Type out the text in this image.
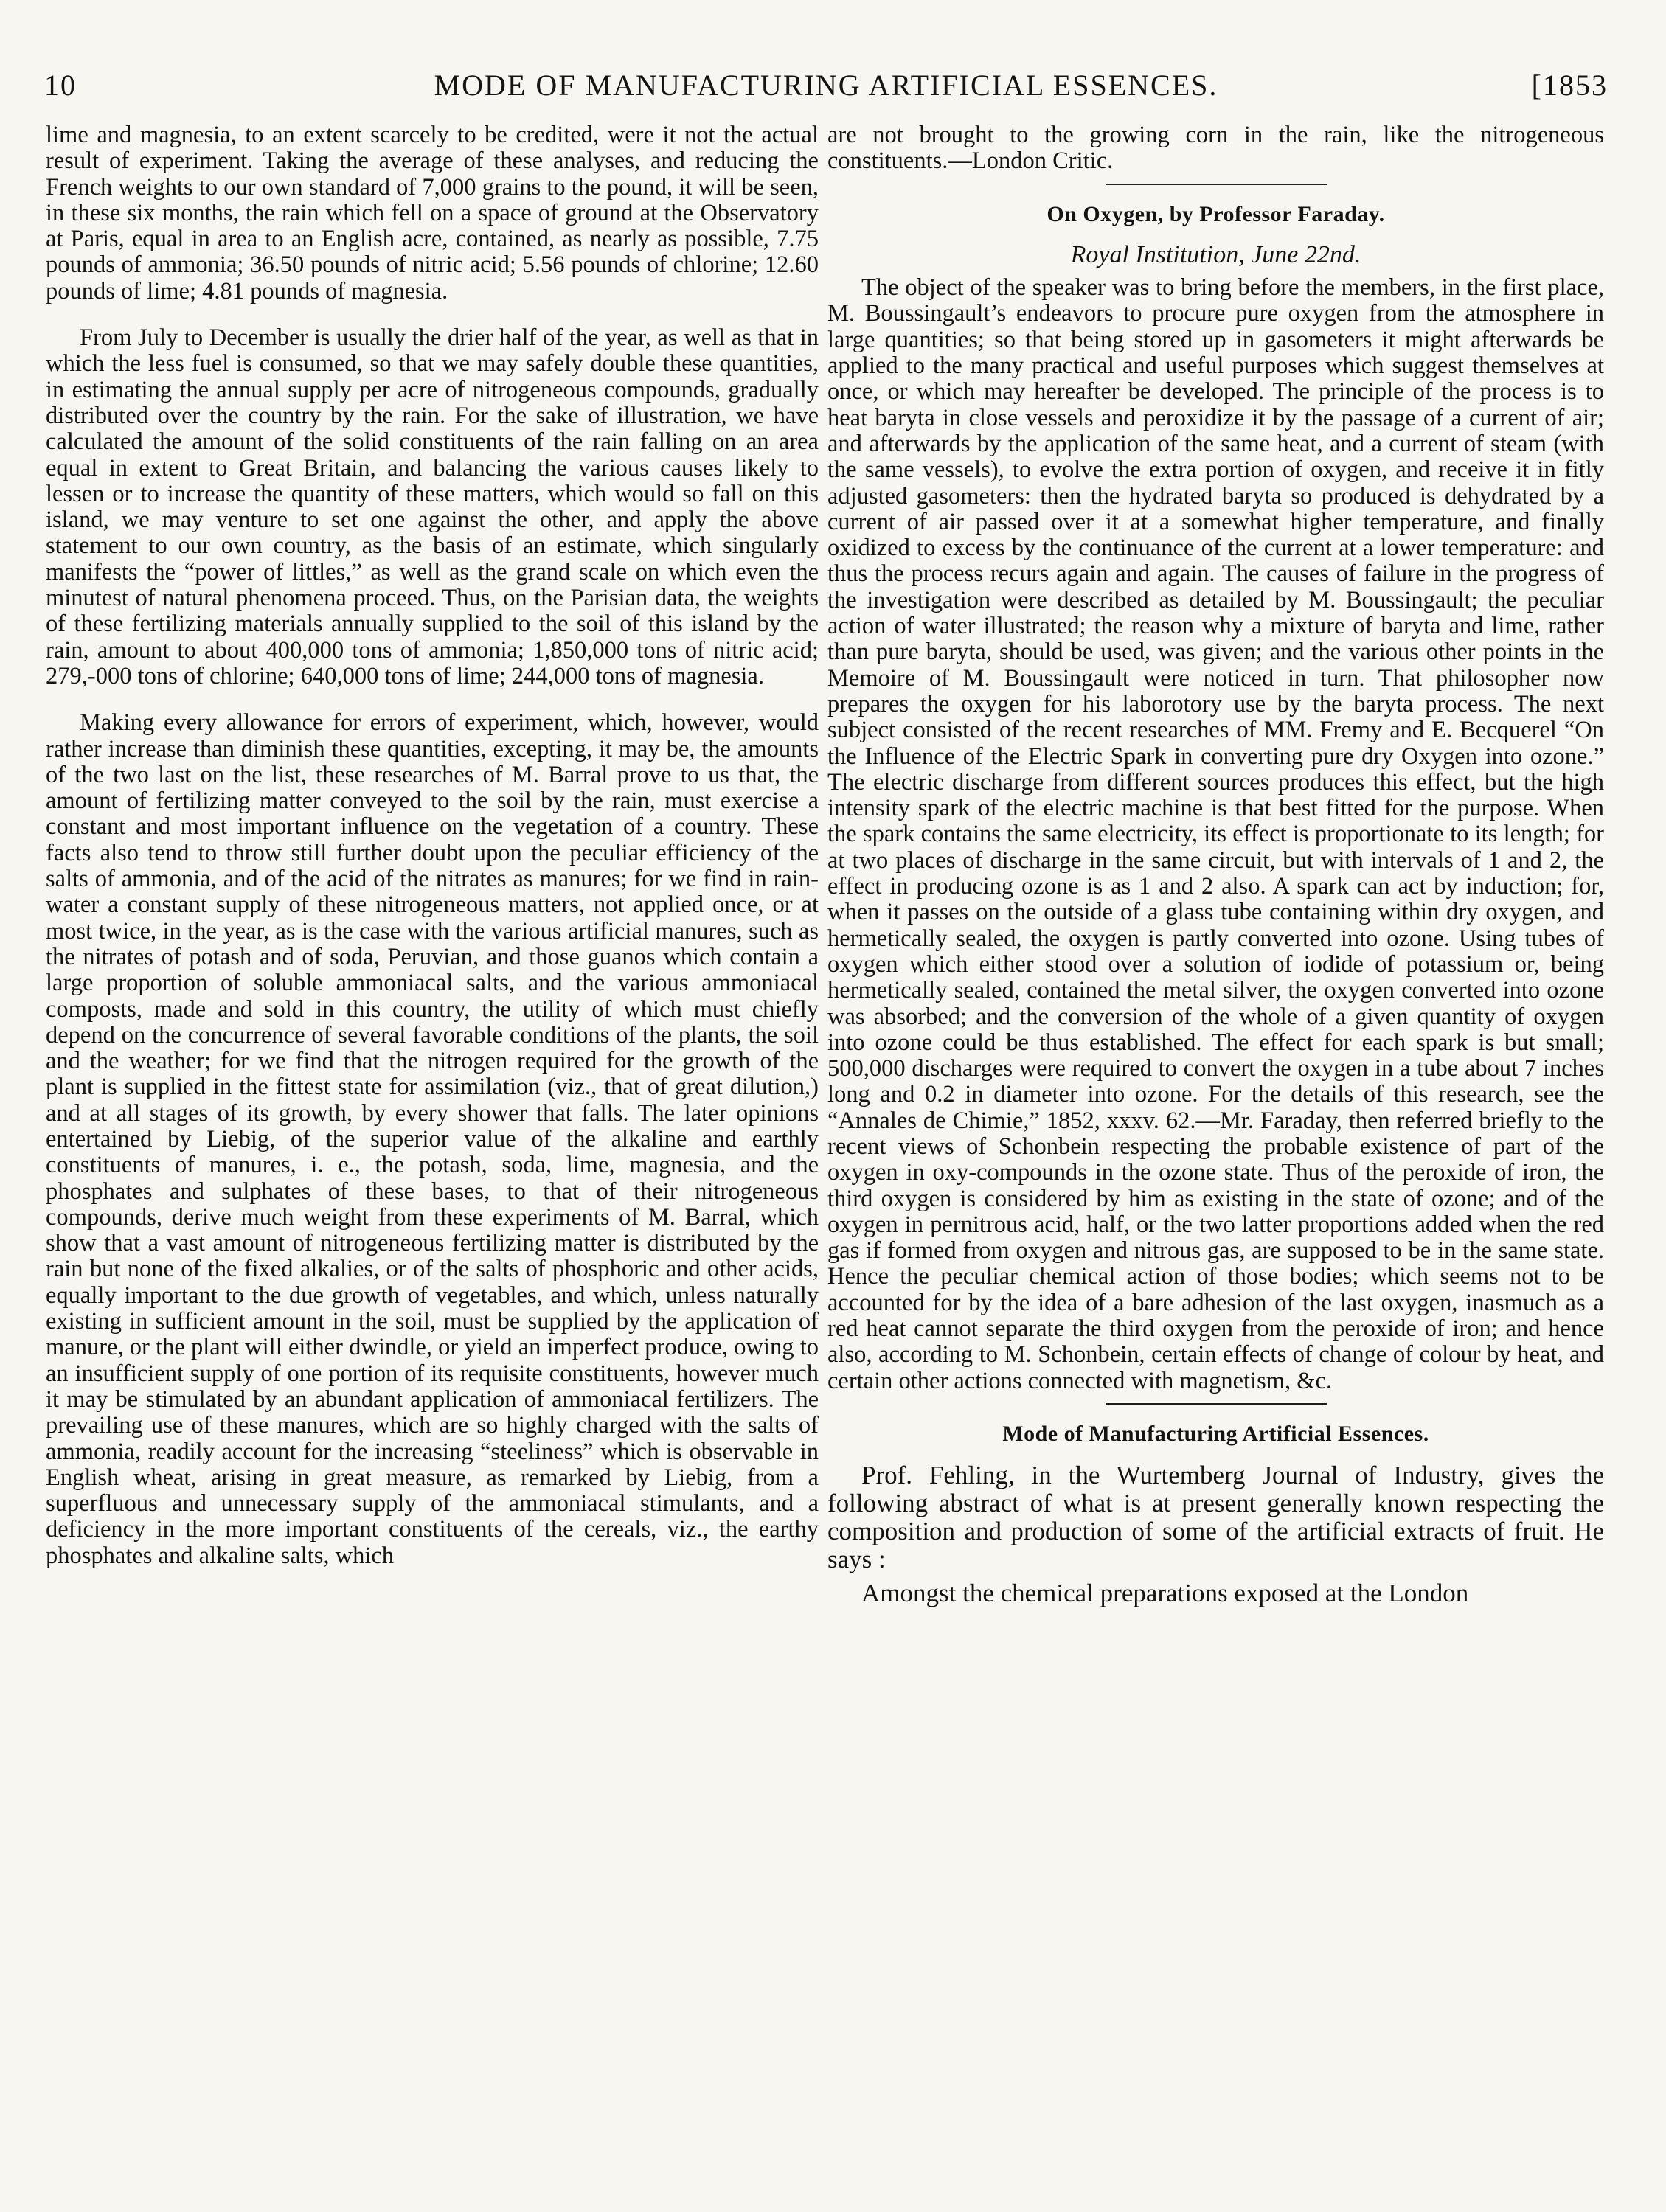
10	MODE OF MANUFACTURING ARTIFICIAL ESSENCES.	[1853

lime and magnesia, to an extent scarcely to be credited, were it not the actual result of experiment. Taking the average of these analyses, and reducing the French weights to our own standard of 7,000 grains to the pound, it will be seen, in these six months, the rain which fell on a space of ground at the Observatory at Paris, equal in area to an English acre, contained, as nearly as possible, 7.75 pounds of ammonia; 36.50 pounds of nitric acid; 5.56 pounds of chlorine; 12.60 pounds of lime; 4.81 pounds of magnesia.

From July to December is usually the drier half of the year, as well as that in which the less fuel is consumed, so that we may safely double these quantities, in estimating the annual supply per acre of nitrogeneous compounds, gradually distributed over the country by the rain. For the sake of illustration, we have calculated the amount of the solid constituents of the rain falling on an area equal in extent to Great Britain, and balancing the various causes likely to lessen or to increase the quantity of these matters, which would so fall on this island, we may venture to set one against the other, and apply the above statement to our own country, as the basis of an estimate, which singularly manifests the “power of littles,” as well as the grand scale on which even the minutest of natural phenomena proceed. Thus, on the Parisian data, the weights of these fertilizing materials annually supplied to the soil of this island by the rain, amount to about 400,000 tons of ammonia; 1,850,000 tons of nitric acid; 279,-000 tons of chlorine; 640,000 tons of lime; 244,000 tons of magnesia.

Making every allowance for errors of experiment, which, however, would rather increase than diminish these quantities, excepting, it may be, the amounts of the two last on the list, these researches of M. Barral prove to us that, the amount of fertilizing matter conveyed to the soil by the rain, must exercise a constant and most important influence on the vegetation of a country. These facts also tend to throw still further doubt upon the peculiar efficiency of the salts of ammonia, and of the acid of the nitrates as manures; for we find in rain-water a constant supply of these nitrogeneous matters, not applied once, or at most twice, in the year, as is the case with the various artificial manures, such as the nitrates of potash and of soda, Peruvian, and those guanos which contain a large proportion of soluble ammoniacal salts, and the various ammoniacal composts, made and sold in this country, the utility of which must chiefly depend on the concurrence of several favorable conditions of the plants, the soil and the weather; for we find that the nitrogen required for the growth of the plant is supplied in the fittest state for assimilation (viz., that of great dilution,) and at all stages of its growth, by every shower that falls. The later opinions entertained by Liebig, of the superior value of the alkaline and earthly constituents of manures, i. e., the potash, soda, lime, magnesia, and the phosphates and sulphates of these bases, to that of their nitrogeneous compounds, derive much weight from these experiments of M. Barral, which show that a vast amount of nitrogeneous fertilizing matter is distributed by the rain but none of the fixed alkalies, or of the salts of phosphoric and other acids, equally important to the due growth of vegetables, and which, unless naturally existing in sufficient amount in the soil, must be supplied by the application of manure, or the plant will either dwindle, or yield an imperfect produce, owing to an insufficient supply of one portion of its requisite constituents, however much it may be stimulated by an abundant application of ammoniacal fertilizers. The prevailing use of these manures, which are so highly charged with the salts of ammonia, readily account for the increasing “steeliness” which is observable in English wheat, arising in great measure, as remarked by Liebig, from a superfluous and unnecessary supply of the ammoniacal stimulants, and a deficiency in the more important constituents of the cereals, viz., the earthy phosphates and alkaline salts, which

are not brought to the growing corn in the rain, like the nitrogeneous constituents.—London Critic.

On Oxygen, by Professor Faraday.
Royal Institution, June 22nd.

The object of the speaker was to bring before the members, in the first place, M. Boussingault’s endeavors to procure pure oxygen from the atmosphere in large quantities; so that being stored up in gasometers it might afterwards be applied to the many practical and useful purposes which suggest themselves at once, or which may hereafter be developed. The principle of the process is to heat baryta in close vessels and peroxidize it by the passage of a current of air; and afterwards by the application of the same heat, and a current of steam (with the same vessels), to evolve the extra portion of oxygen, and receive it in fitly adjusted gasometers: then the hydrated baryta so produced is dehydrated by a current of air passed over it at a somewhat higher temperature, and finally oxidized to excess by the continuance of the current at a lower temperature: and thus the process recurs again and again. The causes of failure in the progress of the investigation were described as detailed by M. Boussingault; the peculiar action of water illustrated; the reason why a mixture of baryta and lime, rather than pure baryta, should be used, was given; and the various other points in the Memoire of M. Boussingault were noticed in turn. That philosopher now prepares the oxygen for his laborotory use by the baryta process. The next subject consisted of the recent researches of MM. Fremy and E. Becquerel “On the Influence of the Electric Spark in converting pure dry Oxygen into ozone.” The electric discharge from different sources produces this effect, but the high intensity spark of the electric machine is that best fitted for the purpose. When the spark contains the same electricity, its effect is proportionate to its length; for at two places of discharge in the same circuit, but with intervals of 1 and 2, the effect in producing ozone is as 1 and 2 also. A spark can act by induction; for, when it passes on the outside of a glass tube containing within dry oxygen, and hermetically sealed, the oxygen is partly converted into ozone. Using tubes of oxygen which either stood over a solution of iodide of potassium or, being hermetically sealed, contained the metal silver, the oxygen converted into ozone was absorbed; and the conversion of the whole of a given quantity of oxygen into ozone could be thus established. The effect for each spark is but small; 500,000 discharges were required to convert the oxygen in a tube about 7 inches long and 0.2 in diameter into ozone. For the details of this research, see the “Annales de Chimie,” 1852, xxxv. 62.—Mr. Faraday, then referred briefly to the recent views of Schonbein respecting the probable existence of part of the oxygen in oxy-compounds in the ozone state. Thus of the peroxide of iron, the third oxygen is considered by him as existing in the state of ozone; and of the oxygen in pernitrous acid, half, or the two latter proportions added when the red gas if formed from oxygen and nitrous gas, are supposed to be in the same state. Hence the peculiar chemical action of those bodies; which seems not to be accounted for by the idea of a bare adhesion of the last oxygen, inasmuch as a red heat cannot separate the third oxygen from the peroxide of iron; and hence also, according to M. Schonbein, certain effects of change of colour by heat, and certain other actions connected with magnetism, &c.

Mode of Manufacturing Artificial Essences.

Prof. Fehling, in the Wurtemberg Journal of Industry, gives the following abstract of what is at present generally known respecting the composition and production of some of the artificial extracts of fruit. He says :

Amongst the chemical preparations exposed at the London
